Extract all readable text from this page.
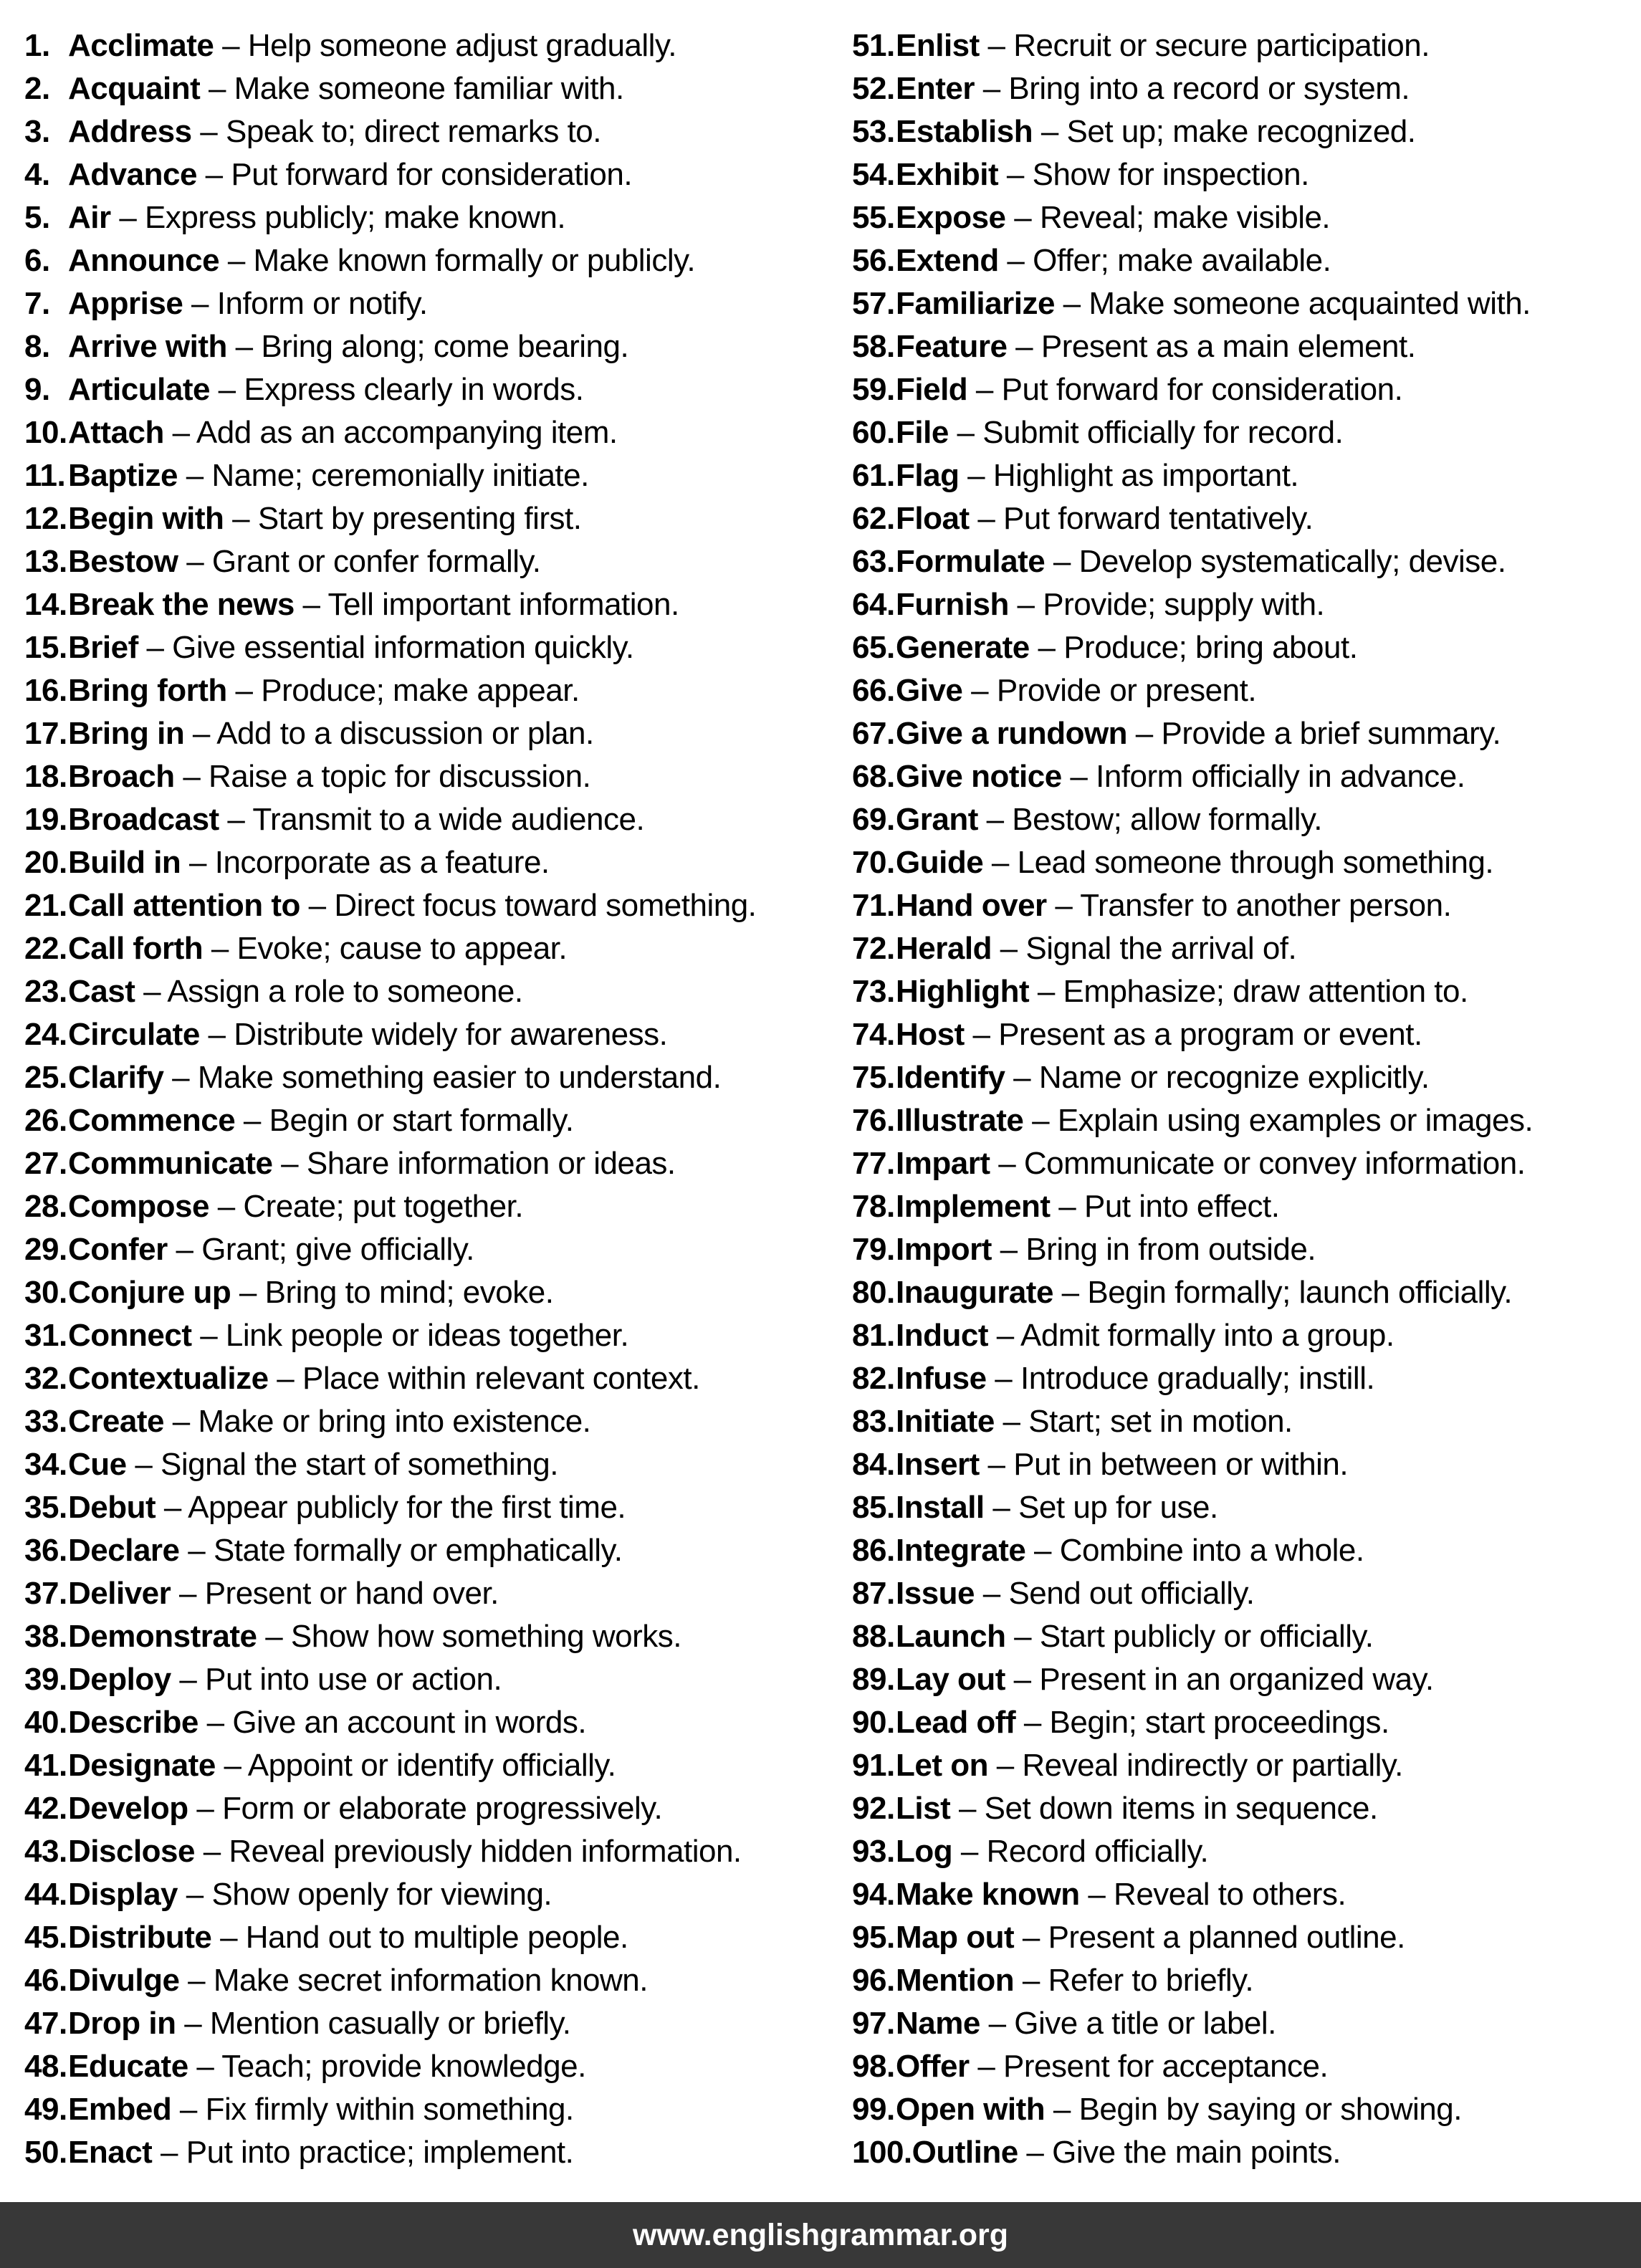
1. Acclimate – Help someone adjust gradually.
2. Acquaint – Make someone familiar with.
3. Address – Speak to; direct remarks to.
4. Advance – Put forward for consideration.
5. Air – Express publicly; make known.
6. Announce – Make known formally or publicly.
7. Apprise – Inform or notify.
8. Arrive with – Bring along; come bearing.
9. Articulate – Express clearly in words.
10. Attach – Add as an accompanying item.
11. Baptize – Name; ceremonially initiate.
12. Begin with – Start by presenting first.
13. Bestow – Grant or confer formally.
14. Break the news – Tell important information.
15. Brief – Give essential information quickly.
16. Bring forth – Produce; make appear.
17. Bring in – Add to a discussion or plan.
18. Broach – Raise a topic for discussion.
19. Broadcast – Transmit to a wide audience.
20. Build in – Incorporate as a feature.
21. Call attention to – Direct focus toward something.
22. Call forth – Evoke; cause to appear.
23. Cast – Assign a role to someone.
24. Circulate – Distribute widely for awareness.
25. Clarify – Make something easier to understand.
26. Commence – Begin or start formally.
27. Communicate – Share information or ideas.
28. Compose – Create; put together.
29. Confer – Grant; give officially.
30. Conjure up – Bring to mind; evoke.
31. Connect – Link people or ideas together.
32. Contextualize – Place within relevant context.
33. Create – Make or bring into existence.
34. Cue – Signal the start of something.
35. Debut – Appear publicly for the first time.
36. Declare – State formally or emphatically.
37. Deliver – Present or hand over.
38. Demonstrate – Show how something works.
39. Deploy – Put into use or action.
40. Describe – Give an account in words.
41. Designate – Appoint or identify officially.
42. Develop – Form or elaborate progressively.
43. Disclose – Reveal previously hidden information.
44. Display – Show openly for viewing.
45. Distribute – Hand out to multiple people.
46. Divulge – Make secret information known.
47. Drop in – Mention casually or briefly.
48. Educate – Teach; provide knowledge.
49. Embed – Fix firmly within something.
50. Enact – Put into practice; implement.
51. Enlist – Recruit or secure participation.
52. Enter – Bring into a record or system.
53. Establish – Set up; make recognized.
54. Exhibit – Show for inspection.
55. Expose – Reveal; make visible.
56. Extend – Offer; make available.
57. Familiarize – Make someone acquainted with.
58. Feature – Present as a main element.
59. Field – Put forward for consideration.
60. File – Submit officially for record.
61. Flag – Highlight as important.
62. Float – Put forward tentatively.
63. Formulate – Develop systematically; devise.
64. Furnish – Provide; supply with.
65. Generate – Produce; bring about.
66. Give – Provide or present.
67. Give a rundown – Provide a brief summary.
68. Give notice – Inform officially in advance.
69. Grant – Bestow; allow formally.
70. Guide – Lead someone through something.
71. Hand over – Transfer to another person.
72. Herald – Signal the arrival of.
73. Highlight – Emphasize; draw attention to.
74. Host – Present as a program or event.
75. Identify – Name or recognize explicitly.
76. Illustrate – Explain using examples or images.
77. Impart – Communicate or convey information.
78. Implement – Put into effect.
79. Import – Bring in from outside.
80. Inaugurate – Begin formally; launch officially.
81. Induct – Admit formally into a group.
82. Infuse – Introduce gradually; instill.
83. Initiate – Start; set in motion.
84. Insert – Put in between or within.
85. Install – Set up for use.
86. Integrate – Combine into a whole.
87. Issue – Send out officially.
88. Launch – Start publicly or officially.
89. Lay out – Present in an organized way.
90. Lead off – Begin; start proceedings.
91. Let on – Reveal indirectly or partially.
92. List – Set down items in sequence.
93. Log – Record officially.
94. Make known – Reveal to others.
95. Map out – Present a planned outline.
96. Mention – Refer to briefly.
97. Name – Give a title or label.
98. Offer – Present for acceptance.
99. Open with – Begin by saying or showing.
100. Outline – Give the main points.
www.englishgrammar.org
